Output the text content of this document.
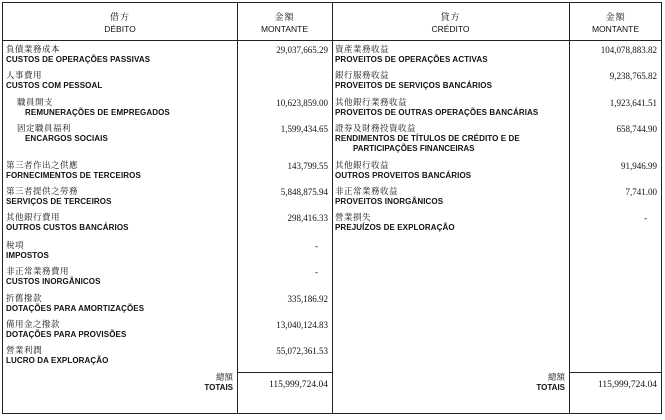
借方
DÉBITO
金額
MONTANTE
貸方
CRÉDITO
金額
MONTANTE
負債業務成本
CUSTOS DE OPERAÇÕES PASSIVAS
29,037,665.29
人事費用
CUSTOS COM PESSOAL
職員開支
REMUNERAÇÕES DE EMPREGADOS
10,623,859.00
固定職員福利
ENCARGOS SOCIAIS
1,599,434.65
第三者作出之供應
FORNECIMENTOS DE TERCEIROS
143,799.55
第三者提供之勞務
SERVIÇOS DE TERCEIROS
5,848,875.94
其他銀行費用
OUTROS CUSTOS BANCÁRIOS
298,416.33
稅項
IMPOSTOS
-
非正常業務費用
CUSTOS INORGÂNICOS
-
折舊撥款
DOTAÇÕES PARA AMORTIZAÇÕES
335,186.92
備用金之撥款
DOTAÇÕES PARA PROVISÕES
13,040,124.83
營業利潤
LUCRO DA EXPLORAÇÃO
55,072,361.53
資產業務收益
PROVEITOS DE OPERAÇÕES ACTIVAS
104,078,883.82
銀行服務收益
PROVEITOS DE SERVIÇOS BANCÁRIOS
9,238,765.82
其他銀行業務收益
PROVEITOS DE OUTRAS OPERAÇÕES BANCÁRIAS
1,923,641.51
證券及財務投資收益
RENDIMENTOS DE TÍTULOS DE CRÉDITO E DE
PARTICIPAÇÕES FINANCEIRAS
658,744.90
其他銀行收益
OUTROS PROVEITOS BANCÁRIOS
91,946.99
非正常業務收益
PROVEITOS INORGÂNICOS
7,741.00
營業損失
PREJUÍZOS DE EXPLORAÇÃO
-
總額
TOTAIS	115,999,724.04
總額
TOTAIS	115,999,724.04
